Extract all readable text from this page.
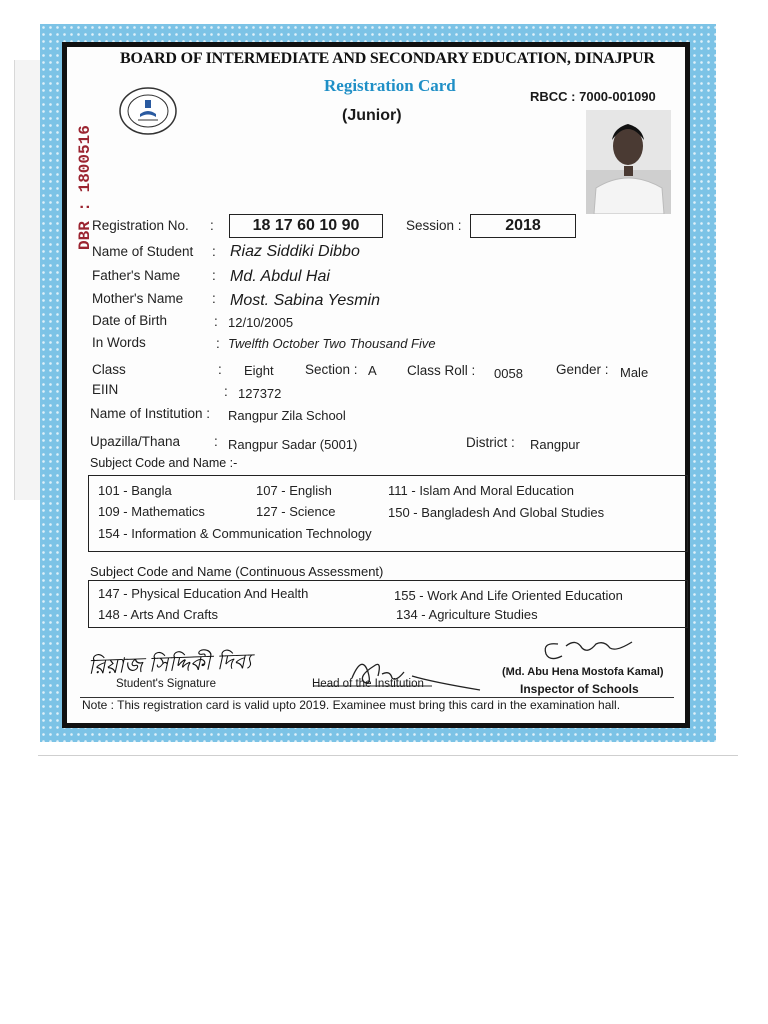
BOARD OF INTERMEDIATE AND SECONDARY EDUCATION, DINAJPUR
Registration Card
(Junior)
RBCC : 7000-001090
DBR : 1800516
Registration No. :	18 17 60 10 90	Session :	2018
Name of Student : Riaz Siddiki Dibbo
Father's Name : Md. Abdul Hai
Mother's Name : Most. Sabina Yesmin
Date of Birth	: 12/10/2005
In Words	: Twelfth October Two Thousand Five
Class	: Eight Section : A Class Roll : 0058 Gender : Male
EIIN	: 127372
Name of Institution : Rangpur Zila School
Upazilla/Thana	: Rangpur Sadar (5001)	District : Rangpur
Subject Code and Name :-
101 - Bangla	107 - English	111 - Islam And Moral Education
109 - Mathematics	127 - Science	150 - Bangladesh And Global Studies
154 - Information & Communication Technology
Subject Code and Name (Continuous Assessment)
147 - Physical Education And Health	155 - Work And Life Oriented Education
148 - Arts And Crafts	134 - Agriculture Studies
রিয়াজ সিদ্দিকী দিব্য
Student's Signature	Head of the Institution
(Md. Abu Hena Mostofa Kamal)
Inspector of Schools
Note : This registration card is valid upto 2019. Examinee must bring this card in the examination hall.
